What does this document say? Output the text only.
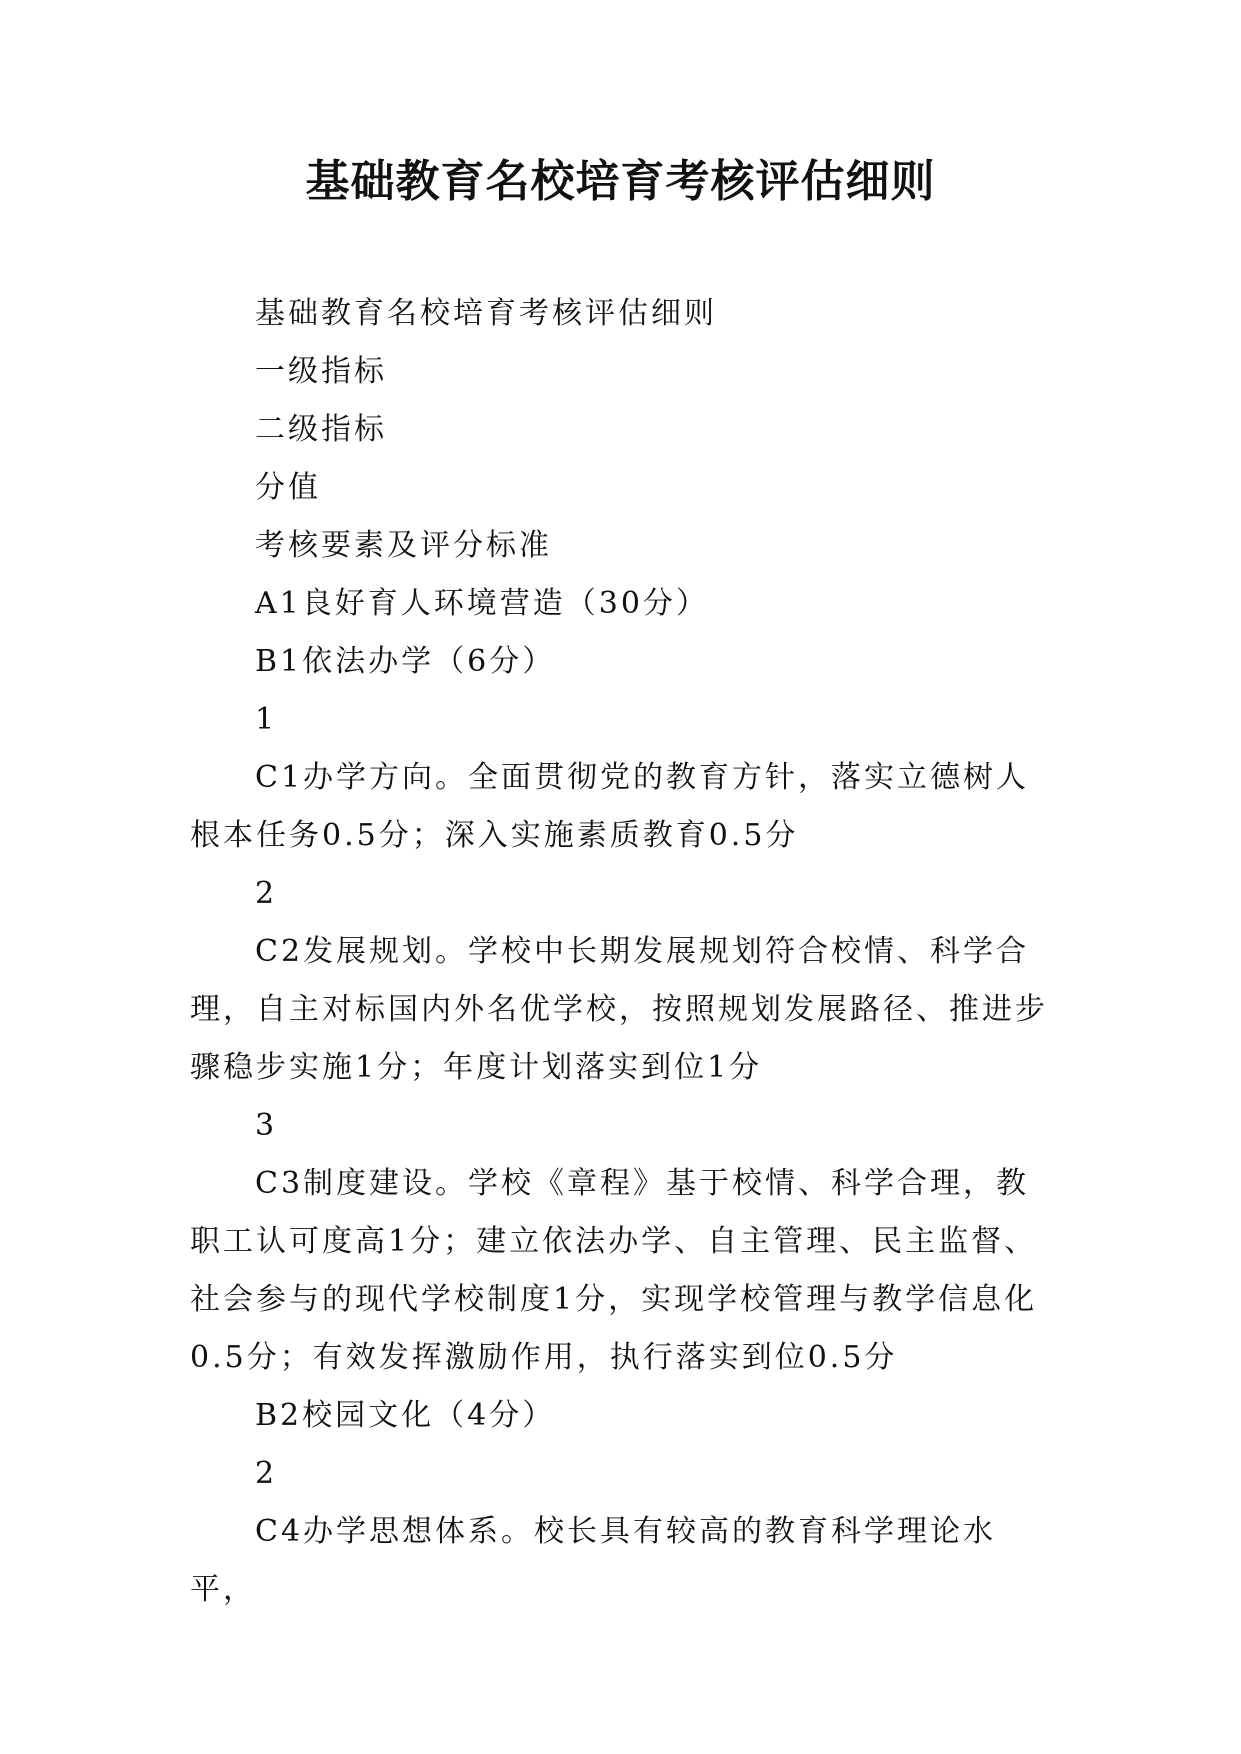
基础教育名校培育考核评估细则

基础教育名校培育考核评估细则

一级指标

二级指标

分值

考核要素及评分标准

A1良好育人环境营造（30分）

B1依法办学（6分）

1

C1办学方向。全面贯彻党的教育方针，落实立德树人根本任务0.5分；深入实施素质教育0.5分

2

C2发展规划。学校中长期发展规划符合校情、科学合理，自主对标国内外名优学校，按照规划发展路径、推进步骤稳步实施1分；年度计划落实到位1分

3

C3制度建设。学校《章程》基于校情、科学合理，教职工认可度高1分；建立依法办学、自主管理、民主监督、社会参与的现代学校制度1分，实现学校管理与教学信息化0.5分；有效发挥激励作用，执行落实到位0.5分

B2校园文化（4分）

2

C4办学思想体系。校长具有较高的教育科学理论水平，
